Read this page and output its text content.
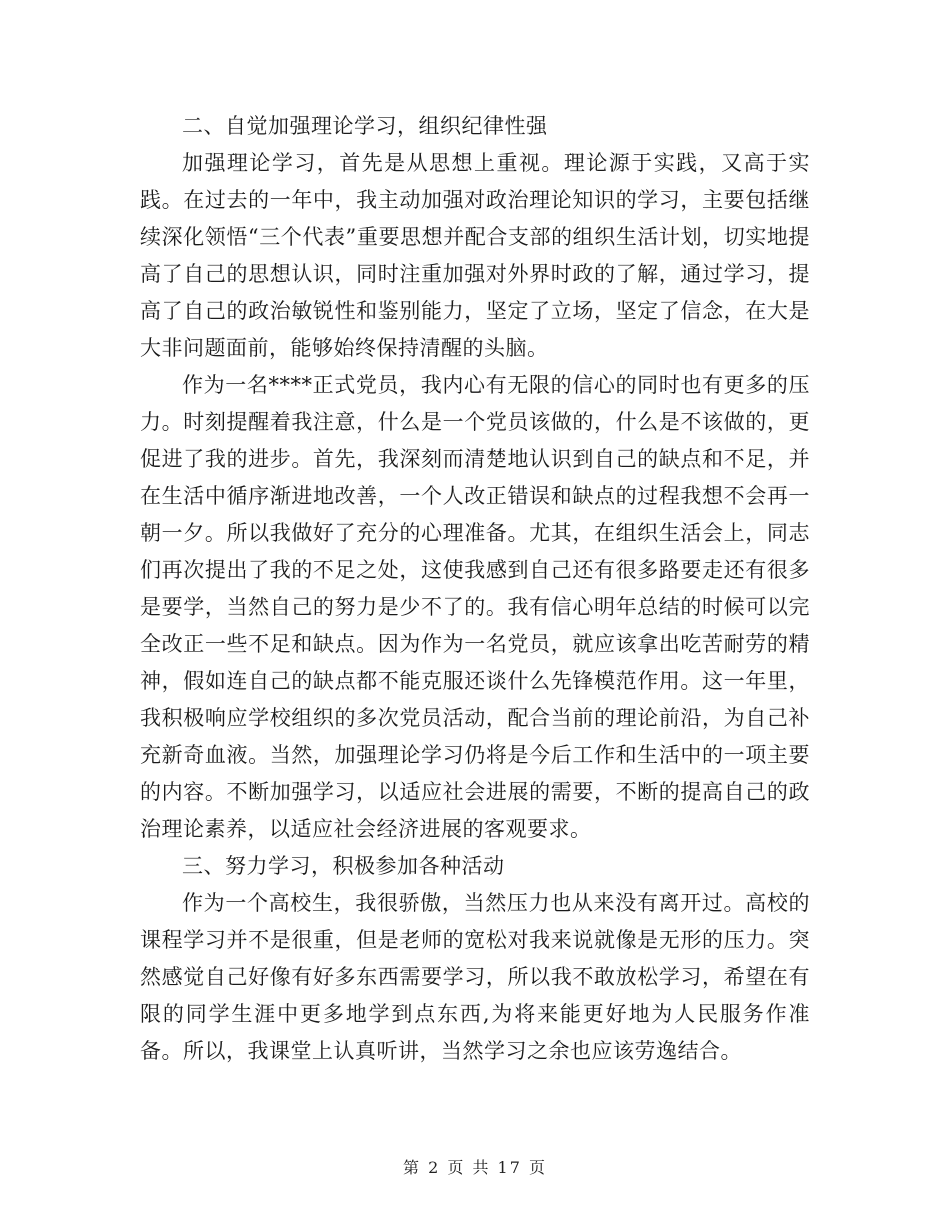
二、自觉加强理论学习，组织纪律性强

加强理论学习，首先是从思想上重视。理论源于实践，又高于实践。在过去的一年中，我主动加强对政治理论知识的学习，主要包括继续深化领悟“三个代表”重要思想并配合支部的组织生活计划，切实地提高了自己的思想认识，同时注重加强对外界时政的了解，通过学习，提高了自己的政治敏锐性和鉴别能力，坚定了立场，坚定了信念，在大是大非问题面前，能够始终保持清醒的头脑。

作为一名****正式党员，我内心有无限的信心的同时也有更多的压力。时刻提醒着我注意，什么是一个党员该做的，什么是不该做的，更促进了我的进步。首先，我深刻而清楚地认识到自己的缺点和不足，并在生活中循序渐进地改善，一个人改正错误和缺点的过程我想不会再一朝一夕。所以我做好了充分的心理准备。尤其，在组织生活会上，同志们再次提出了我的不足之处，这使我感到自己还有很多路要走还有很多是要学，当然自己的努力是少不了的。我有信心明年总结的时候可以完全改正一些不足和缺点。因为作为一名党员，就应该拿出吃苦耐劳的精神，假如连自己的缺点都不能克服还谈什么先锋模范作用。这一年里，我积极响应学校组织的多次党员活动，配合当前的理论前沿，为自己补充新奇血液。当然，加强理论学习仍将是今后工作和生活中的一项主要的内容。不断加强学习，以适应社会进展的需要，不断的提高自己的政治理论素养，以适应社会经济进展的客观要求。

三、努力学习，积极参加各种活动

作为一个高校生，我很骄傲，当然压力也从来没有离开过。高校的课程学习并不是很重，但是老师的宽松对我来说就像是无形的压力。突然感觉自己好像有好多东西需要学习，所以我不敢放松学习，希望在有限的同学生涯中更多地学到点东西,为将来能更好地为人民服务作准备。所以，我课堂上认真听讲，当然学习之余也应该劳逸结合。

第 2 页 共 17 页
